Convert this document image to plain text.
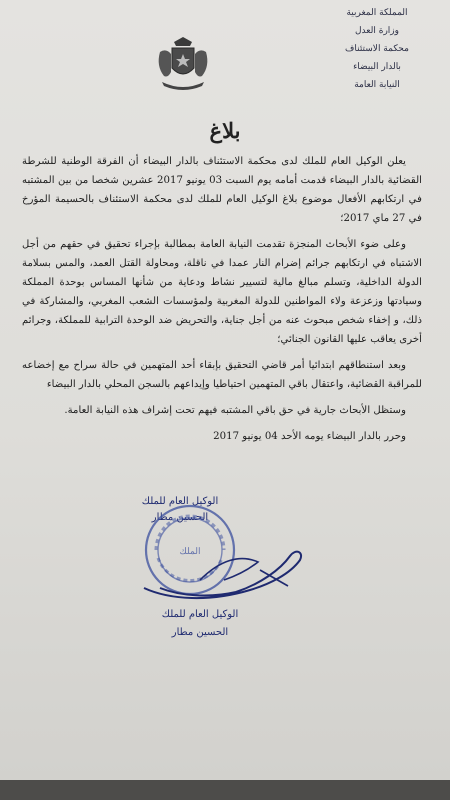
المملكة المغربية
وزارة العدل
محكمة الاستئناف
بالدار البيضاء
النيابة العامة
بلاغ

يعلن الوكيل العام للملك لدى محكمة الاستئناف بالدار البيضاء أن الفرقة الوطنية للشرطة القضائية بالدار البيضاء قدمت أمامه يوم السبت 03 يونيو 2017 عشرين شخصا من بين المشتبه في ارتكابهم الأفعال موضوع بلاغ الوكيل العام للملك لدى محكمة الاستئناف بالحسيمة المؤرخ في 27 ماي 2017؛

وعلى ضوء الأبحاث المنجزة تقدمت النيابة العامة بمطالبة بإجراء تحقيق في حقهم من أجل الاشتباه في ارتكابهم جرائم إضرام النار عمدا في ناقلة، ومحاولة القتل العمد، والمس بسلامة الدولة الداخلية، وتسلم مبالغ مالية لتسيير نشاط ودعاية من شأنها المساس بوحدة المملكة وسيادتها وزعزعة ولاء المواطنين للدولة المغربية ولمؤسسات الشعب المغربي، والمشاركة في ذلك، و إخفاء شخص مبحوث عنه من أجل جناية، والتحريض ضد الوحدة الترابية للمملكة، وجرائم أخرى يعاقب عليها القانون الجنائي؛

وبعد استنطاقهم ابتدائيا أمر قاضي التحقيق بإبقاء أحد المتهمين في حالة سراح مع إخضاعه للمراقبة القضائية، واعتقال باقي المتهمين احتياطيا وإيداعهم بالسجن المحلي بالدار البيضاء

وستظل الأبحاث جارية في حق باقي المشتبه فيهم تحت إشراف هذه النيابة العامة.

وحرر بالدار البيضاء يومه الأحد 04 يونيو 2017

الوكيل العام للملك
الحسين مطار
الملك
الوكيل العام للملك
الحسين مطار
